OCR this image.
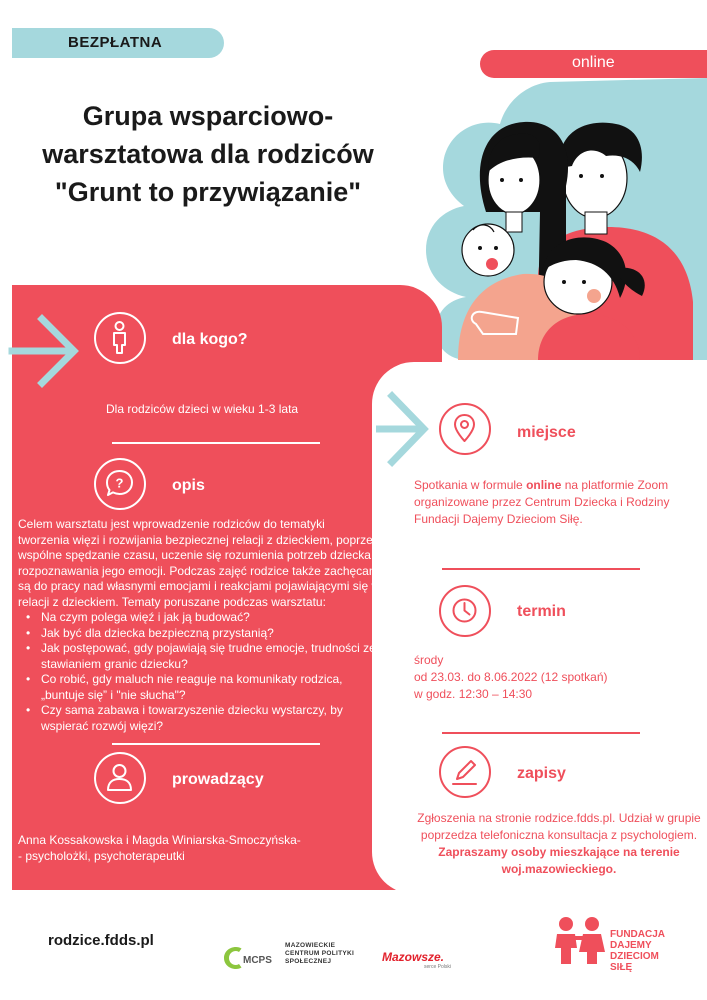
BEZPŁATNA
online
dla kogo?
Dla rodziców dzieci w wieku 1-3 lata
?	opis
Celem warsztatu jest wprowadzenie rodziców do tematyki
tworzenia więzi i rozwijania bezpiecznej relacji z dzieckiem, poprzez
wspólne spędzanie czasu, uczenie się rozumienia potrzeb dziecka i
rozpoznawania jego emocji. Podczas zajęć rodzice także zachęcani
są do pracy nad własnymi emocjami i reakcjami pojawiającymi się w
relacji z dzieckiem. Tematy poruszane podczas warsztatu:
• Na czym polega więź i jak ją budować?
• Jak być dla dziecka bezpieczną przystanią?
• Jak postępować, gdy pojawiają się trudne emocje, trudności ze
stawianiem granic dziecku?
• Co robić, gdy maluch nie reaguje na komunikaty rodzica,
„buntuje się” i "nie słucha"?
• Czy sama zabawa i towarzyszenie dziecku wystarczy, by
wspierać rozwój więzi?
prowadzący
Anna Kossakowska i Magda Winiarska-Smoczyńska-
- psycholożki, psychoterapeutki
miejsce
Spotkania w formule online na platformie Zoom
organizowane przez Centrum Dziecka i Rodziny
Fundacji Dajemy Dzieciom Siłę.
termin
środy
od 23.03. do 8.06.2022 (12 spotkań)
w godz. 12:30 – 14:30
zapisy
Zgłoszenia na stronie rodzice.fdds.pl. Udział w grupie
poprzedza telefoniczna konsultacja z psychologiem.
Zapraszamy osoby mieszkające na terenie
woj.mazowieckiego.
rodzice.fdds.pl
MCPS
MAZOWIECKIE
CENTRUM POLITYKI
SPOŁECZNEJ	Mazowsze.
serce Polski
FUNDACJA
DAJEMY
DZIECIOM
SIŁĘ
Grupa wsparciowo-
warsztatowa dla rodziców
"Grunt to przywiązanie"
